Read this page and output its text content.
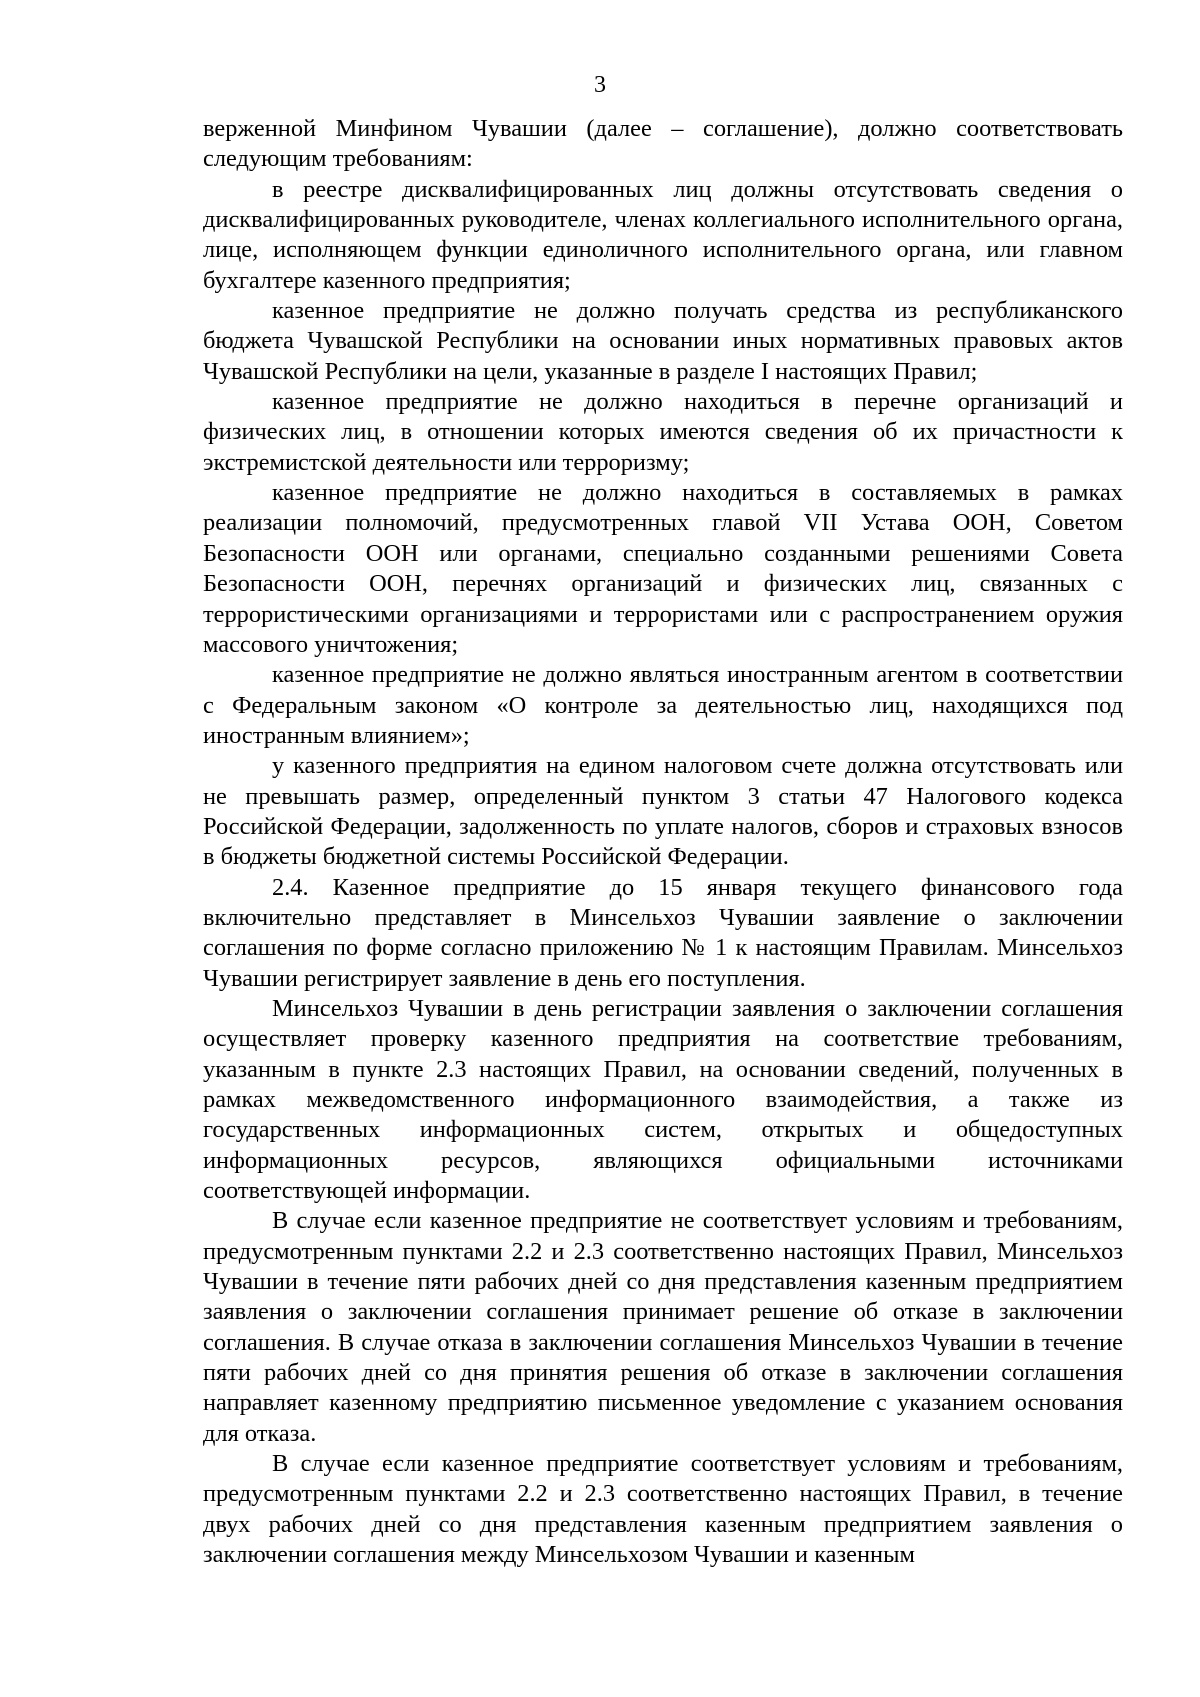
3

верженной Минфином Чувашии (далее – соглашение), должно соответствовать следующим требованиям:

в реестре дисквалифицированных лиц должны отсутствовать сведения о дисквалифицированных руководителе, членах коллегиального исполнительного органа, лице, исполняющем функции единоличного исполнительного органа, или главном бухгалтере казенного предприятия;

казенное предприятие не должно получать средства из республиканского бюджета Чувашской Республики на основании иных нормативных правовых актов Чувашской Республики на цели, указанные в разделе I настоящих Правил;

казенное предприятие не должно находиться в перечне организаций и физических лиц, в отношении которых имеются сведения об их причастности к экстремистской деятельности или терроризму;

казенное предприятие не должно находиться в составляемых в рамках реализации полномочий, предусмотренных главой VII Устава ООН, Советом Безопасности ООН или органами, специально созданными решениями Совета Безопасности ООН, перечнях организаций и физических лиц, связанных с террористическими организациями и террористами или с распространением оружия массового уничтожения;

казенное предприятие не должно являться иностранным агентом в соответствии с Федеральным законом «О контроле за деятельностью лиц, находящихся под иностранным влиянием»;

у казенного предприятия на едином налоговом счете должна отсутствовать или не превышать размер, определенный пунктом 3 статьи 47 Налогового кодекса Российской Федерации, задолженность по уплате налогов, сборов и страховых взносов в бюджеты бюджетной системы Российской Федерации.

2.4. Казенное предприятие до 15 января текущего финансового года включительно представляет в Минсельхоз Чувашии заявление о заключении соглашения по форме согласно приложению № 1 к настоящим Правилам. Минсельхоз Чувашии регистрирует заявление в день его поступления.

Минсельхоз Чувашии в день регистрации заявления о заключении соглашения осуществляет проверку казенного предприятия на соответствие требованиям, указанным в пункте 2.3 настоящих Правил, на основании сведений, полученных в рамках межведомственного информационного взаимодействия, а также из государственных информационных систем, открытых и общедоступных информационных ресурсов, являющихся официальными источниками соответствующей информации.

В случае если казенное предприятие не соответствует условиям и требованиям, предусмотренным пунктами 2.2 и 2.3 соответственно настоящих Правил, Минсельхоз Чувашии в течение пяти рабочих дней со дня представления казенным предприятием заявления о заключении соглашения принимает решение об отказе в заключении соглашения. В случае отказа в заключении соглашения Минсельхоз Чувашии в течение пяти рабочих дней со дня принятия решения об отказе в заключении соглашения направляет казенному предприятию письменное уведомление с указанием основания для отказа.

В случае если казенное предприятие соответствует условиям и требованиям, предусмотренным пунктами 2.2 и 2.3 соответственно настоящих Правил, в течение двух рабочих дней со дня представления казенным предприятием заявления о заключении соглашения между Минсельхозом Чувашии и казенным
